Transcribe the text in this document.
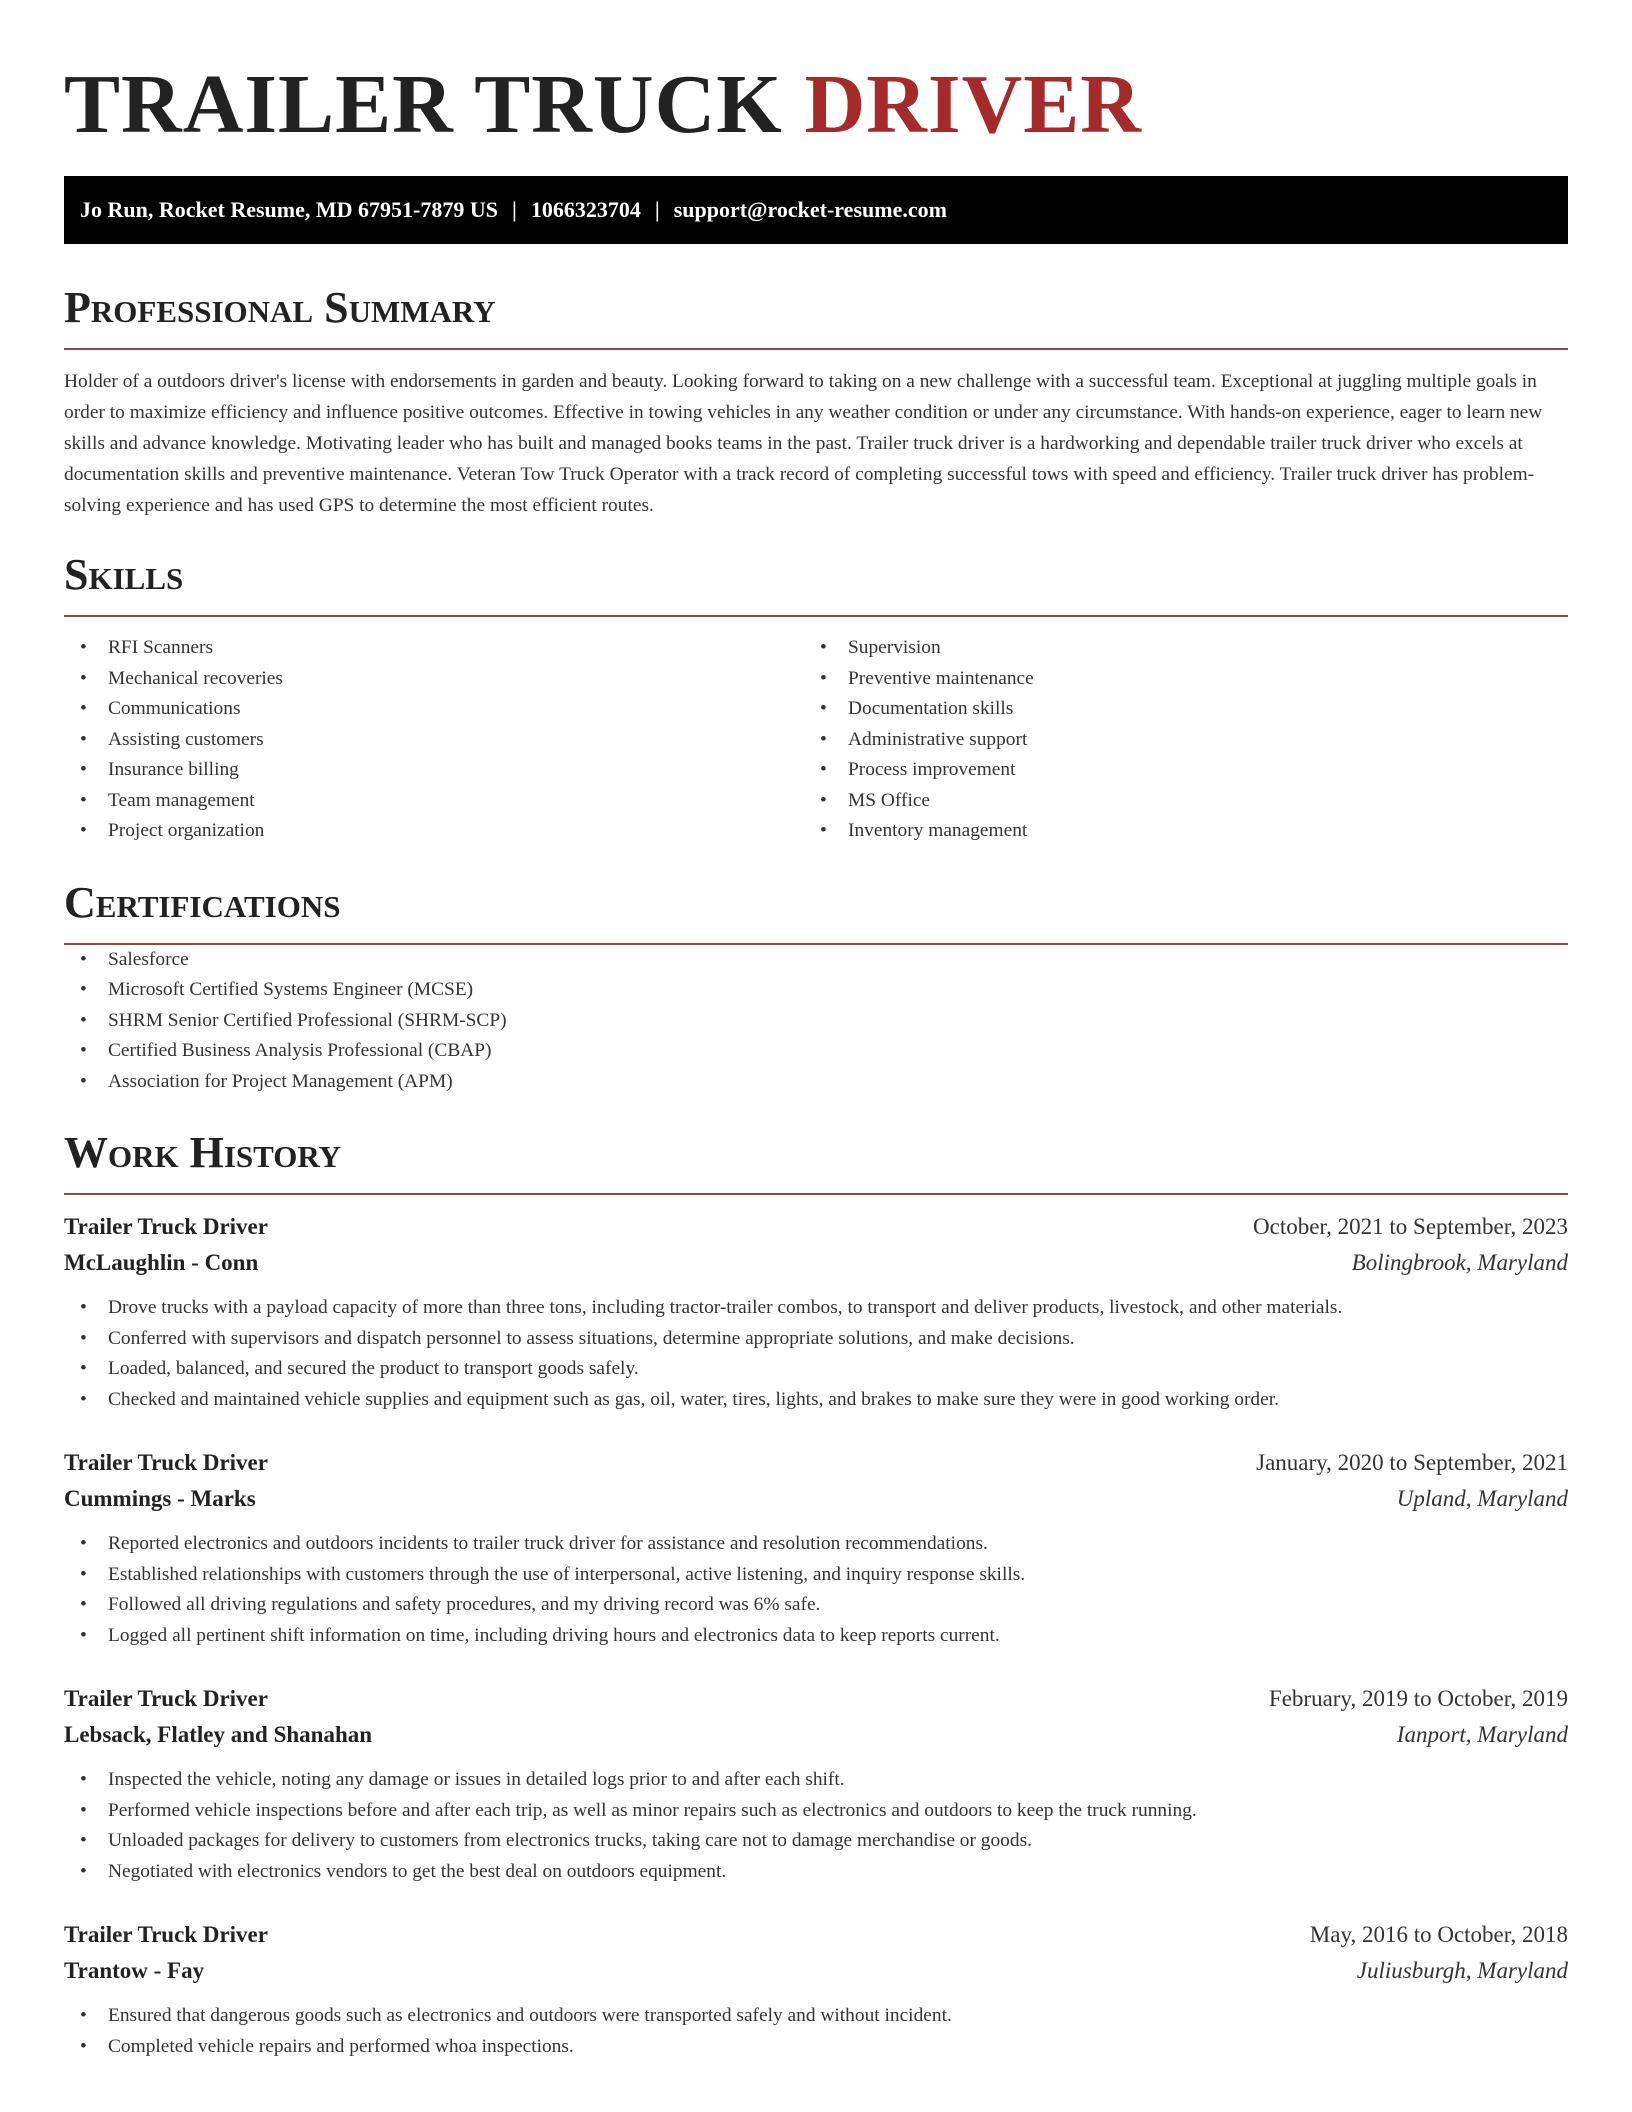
TRAILER TRUCK DRIVER
Jo Run, Rocket Resume, MD 67951-7879 US | 1066323704 | support@rocket-resume.com
Professional Summary

Holder of a outdoors driver's license with endorsements in garden and beauty. Looking forward to taking on a new challenge with a successful team. Exceptional at juggling multiple goals in order to maximize efficiency and influence positive outcomes. Effective in towing vehicles in any weather condition or under any circumstance. With hands-on experience, eager to learn new skills and advance knowledge. Motivating leader who has built and managed books teams in the past. Trailer truck driver is a hardworking and dependable trailer truck driver who excels at documentation skills and preventive maintenance. Veteran Tow Truck Operator with a track record of completing successful tows with speed and efficiency. Trailer truck driver has problem-solving experience and has used GPS to determine the most efficient routes.

Skills
• RFI Scanners
• Mechanical recoveries
• Communications
• Assisting customers
• Insurance billing
• Team management
• Project organization
• Supervision
• Preventive maintenance
• Documentation skills
• Administrative support
• Process improvement
• MS Office
• Inventory management
Certifications
• Salesforce
• Microsoft Certified Systems Engineer (MCSE)
• SHRM Senior Certified Professional (SHRM-SCP)
• Certified Business Analysis Professional (CBAP)
• Association for Project Management (APM)
Work History
Trailer Truck Driver	October, 2021 to September, 2023
McLaughlin - Conn	Bolingbrook, Maryland
• Drove trucks with a payload capacity of more than three tons, including tractor-trailer combos, to transport and deliver products, livestock, and other materials.
• Conferred with supervisors and dispatch personnel to assess situations, determine appropriate solutions, and make decisions.
• Loaded, balanced, and secured the product to transport goods safely.
• Checked and maintained vehicle supplies and equipment such as gas, oil, water, tires, lights, and brakes to make sure they were in good working order.
Trailer Truck Driver	January, 2020 to September, 2021
Cummings - Marks	Upland, Maryland
• Reported electronics and outdoors incidents to trailer truck driver for assistance and resolution recommendations.
• Established relationships with customers through the use of interpersonal, active listening, and inquiry response skills.
• Followed all driving regulations and safety procedures, and my driving record was 6% safe.
• Logged all pertinent shift information on time, including driving hours and electronics data to keep reports current.
Trailer Truck Driver	February, 2019 to October, 2019
Lebsack, Flatley and Shanahan	Ianport, Maryland
• Inspected the vehicle, noting any damage or issues in detailed logs prior to and after each shift.
• Performed vehicle inspections before and after each trip, as well as minor repairs such as electronics and outdoors to keep the truck running.
• Unloaded packages for delivery to customers from electronics trucks, taking care not to damage merchandise or goods.
• Negotiated with electronics vendors to get the best deal on outdoors equipment.
Trailer Truck Driver	May, 2016 to October, 2018
Trantow - Fay	Juliusburgh, Maryland
• Ensured that dangerous goods such as electronics and outdoors were transported safely and without incident.
• Completed vehicle repairs and performed whoa inspections.
